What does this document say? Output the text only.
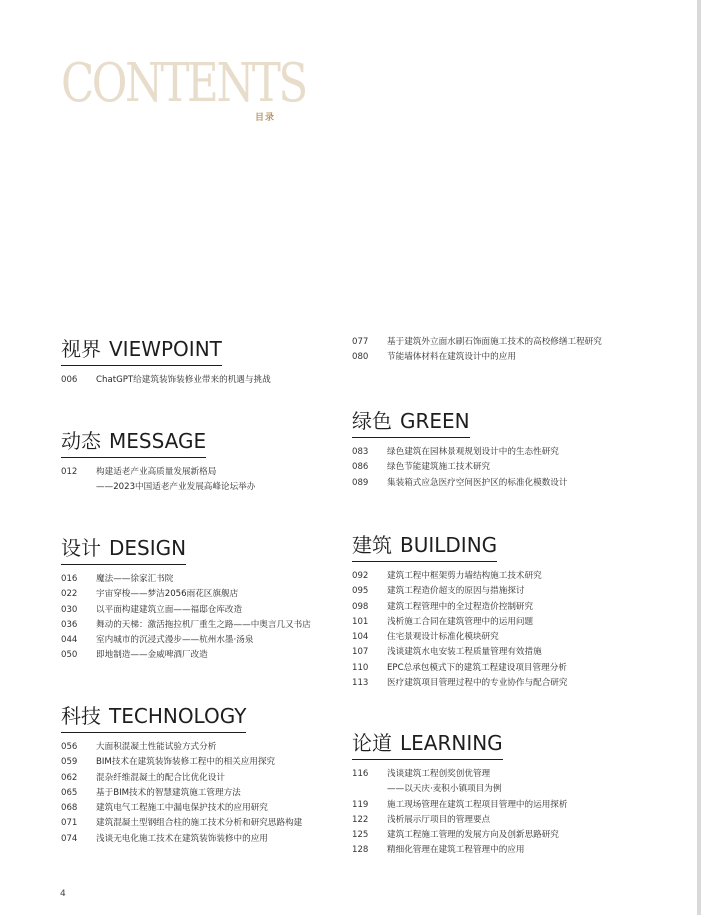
CONTENTS
目录
视界 VIEWPOINT
006	ChatGPT给建筑装饰装修业带来的机遇与挑战
动态 MESSAGE
012	构建适老产业高质量发展新格局
——2023中国适老产业发展高峰论坛举办
设计 DESIGN
016	魔法——徐家汇书院
022	宇宙穿梭——梦洁2056雨花区旗舰店
030	以平面构建建筑立面——福邸仓库改造
036	舞动的天梯：激活拖拉机厂重生之路——中奥言几又书店
044	室内城市的沉浸式漫步——杭州水墨·汤泉
050	即地制造——金威啤酒厂改造
科技 TECHNOLOGY
056	大面积混凝土性能试验方式分析
059	BIM技术在建筑装饰装修工程中的相关应用探究
062	混杂纤维混凝土的配合比优化设计
065	基于BIM技术的智慧建筑施工管理方法
068	建筑电气工程施工中漏电保护技术的应用研究
071	建筑混凝土型钢组合柱的施工技术分析和研究思路构建
074	浅谈无电化施工技术在建筑装饰装修中的应用
077	基于建筑外立面水刷石饰面施工技术的高校修缮工程研究
080	节能墙体材料在建筑设计中的应用
绿色 GREEN
083	绿色建筑在园林景观规划设计中的生态性研究
086	绿色节能建筑施工技术研究
089	集装箱式应急医疗空间医护区的标准化模数设计
建筑 BUILDING
092	建筑工程中框架剪力墙结构施工技术研究
095	建筑工程造价超支的原因与措施探讨
098	建筑工程管理中的全过程造价控制研究
101	浅析施工合同在建筑管理中的运用问题
104	住宅景观设计标准化模块研究
107	浅谈建筑水电安装工程质量管理有效措施
110	EPC总承包模式下的建筑工程建设项目管理分析
113	医疗建筑项目管理过程中的专业协作与配合研究
论道 LEARNING
116	浅谈建筑工程创奖创优管理
——以天庆·麦积小镇项目为例
119	施工现场管理在建筑工程项目管理中的运用探析
122	浅析展示厅项目的管理要点
125	建筑工程施工管理的发展方向及创新思路研究
128	精细化管理在建筑工程管理中的应用
4
